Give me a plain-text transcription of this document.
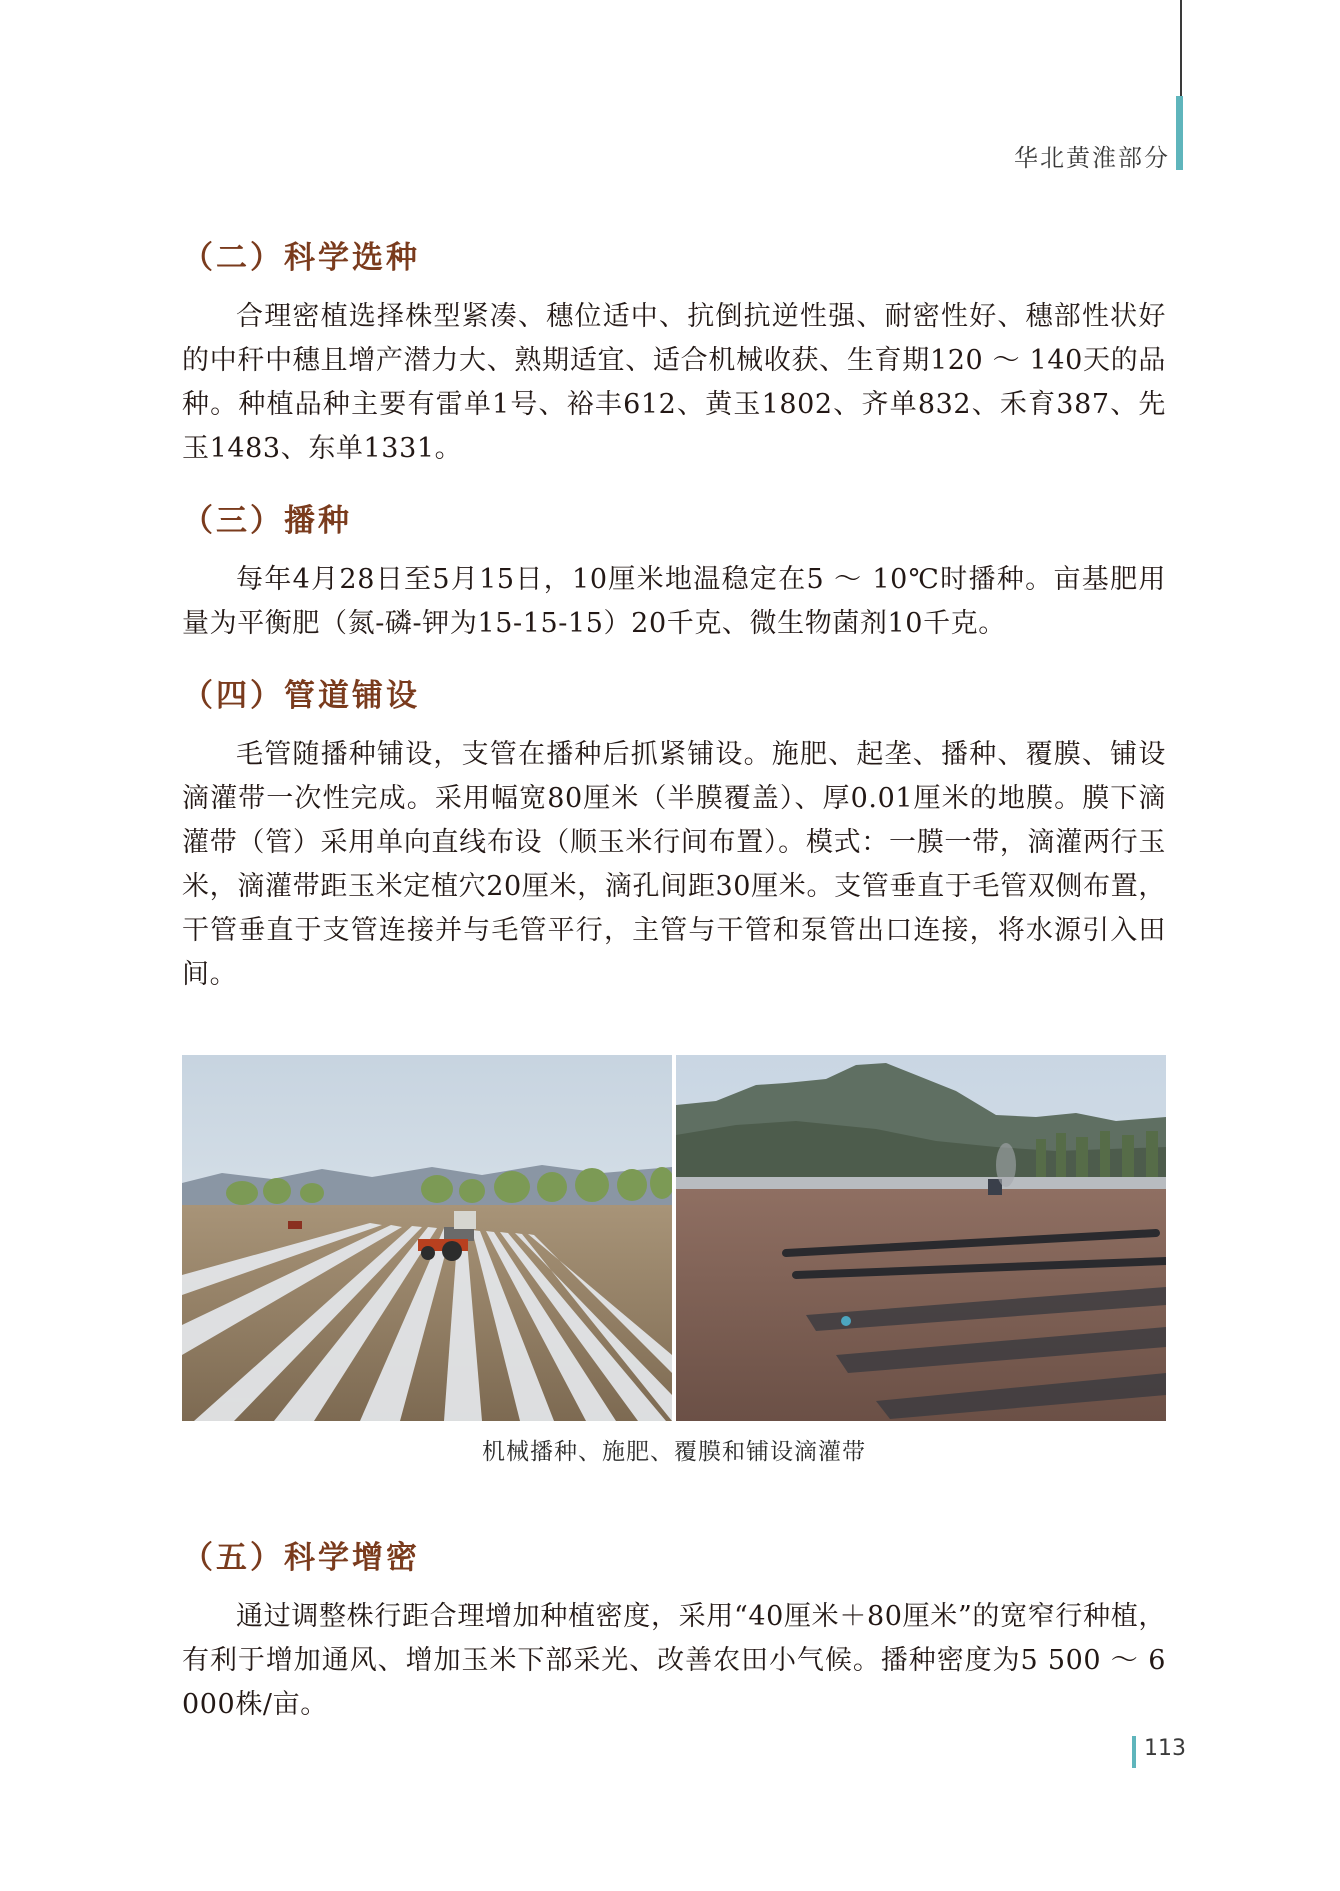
华北黄淮部分
（二）科学选种

合理密植选择株型紧凑、穗位适中、抗倒抗逆性强、耐密性好、穗部性状好的中秆中穗且增产潜力大、熟期适宜、适合机械收获、生育期120 ～ 140天的品种。种植品种主要有雷单1号、裕丰612、黄玉1802、齐单832、禾育387、先玉1483、东单1331。

（三）播种

每年4月28日至5月15日，10厘米地温稳定在5 ～ 10℃时播种。亩基肥用量为平衡肥（氮-磷-钾为15-15-15）20千克、微生物菌剂10千克。

（四）管道铺设

毛管随播种铺设，支管在播种后抓紧铺设。施肥、起垄、播种、覆膜、铺设滴灌带一次性完成。采用幅宽80厘米（半膜覆盖）、厚0.01厘米的地膜。膜下滴灌带（管）采用单向直线布设（顺玉米行间布置）。模式：一膜一带，滴灌两行玉米，滴灌带距玉米定植穴20厘米，滴孔间距30厘米。支管垂直于毛管双侧布置，干管垂直于支管连接并与毛管平行，主管与干管和泵管出口连接，将水源引入田间。

机械播种、施肥、覆膜和铺设滴灌带
（五）科学增密

通过调整株行距合理增加种植密度，采用“40厘米＋80厘米”的宽窄行种植，有利于增加通风、增加玉米下部采光、改善农田小气候。播种密度为5 500 ～ 6 000株/亩。

113
